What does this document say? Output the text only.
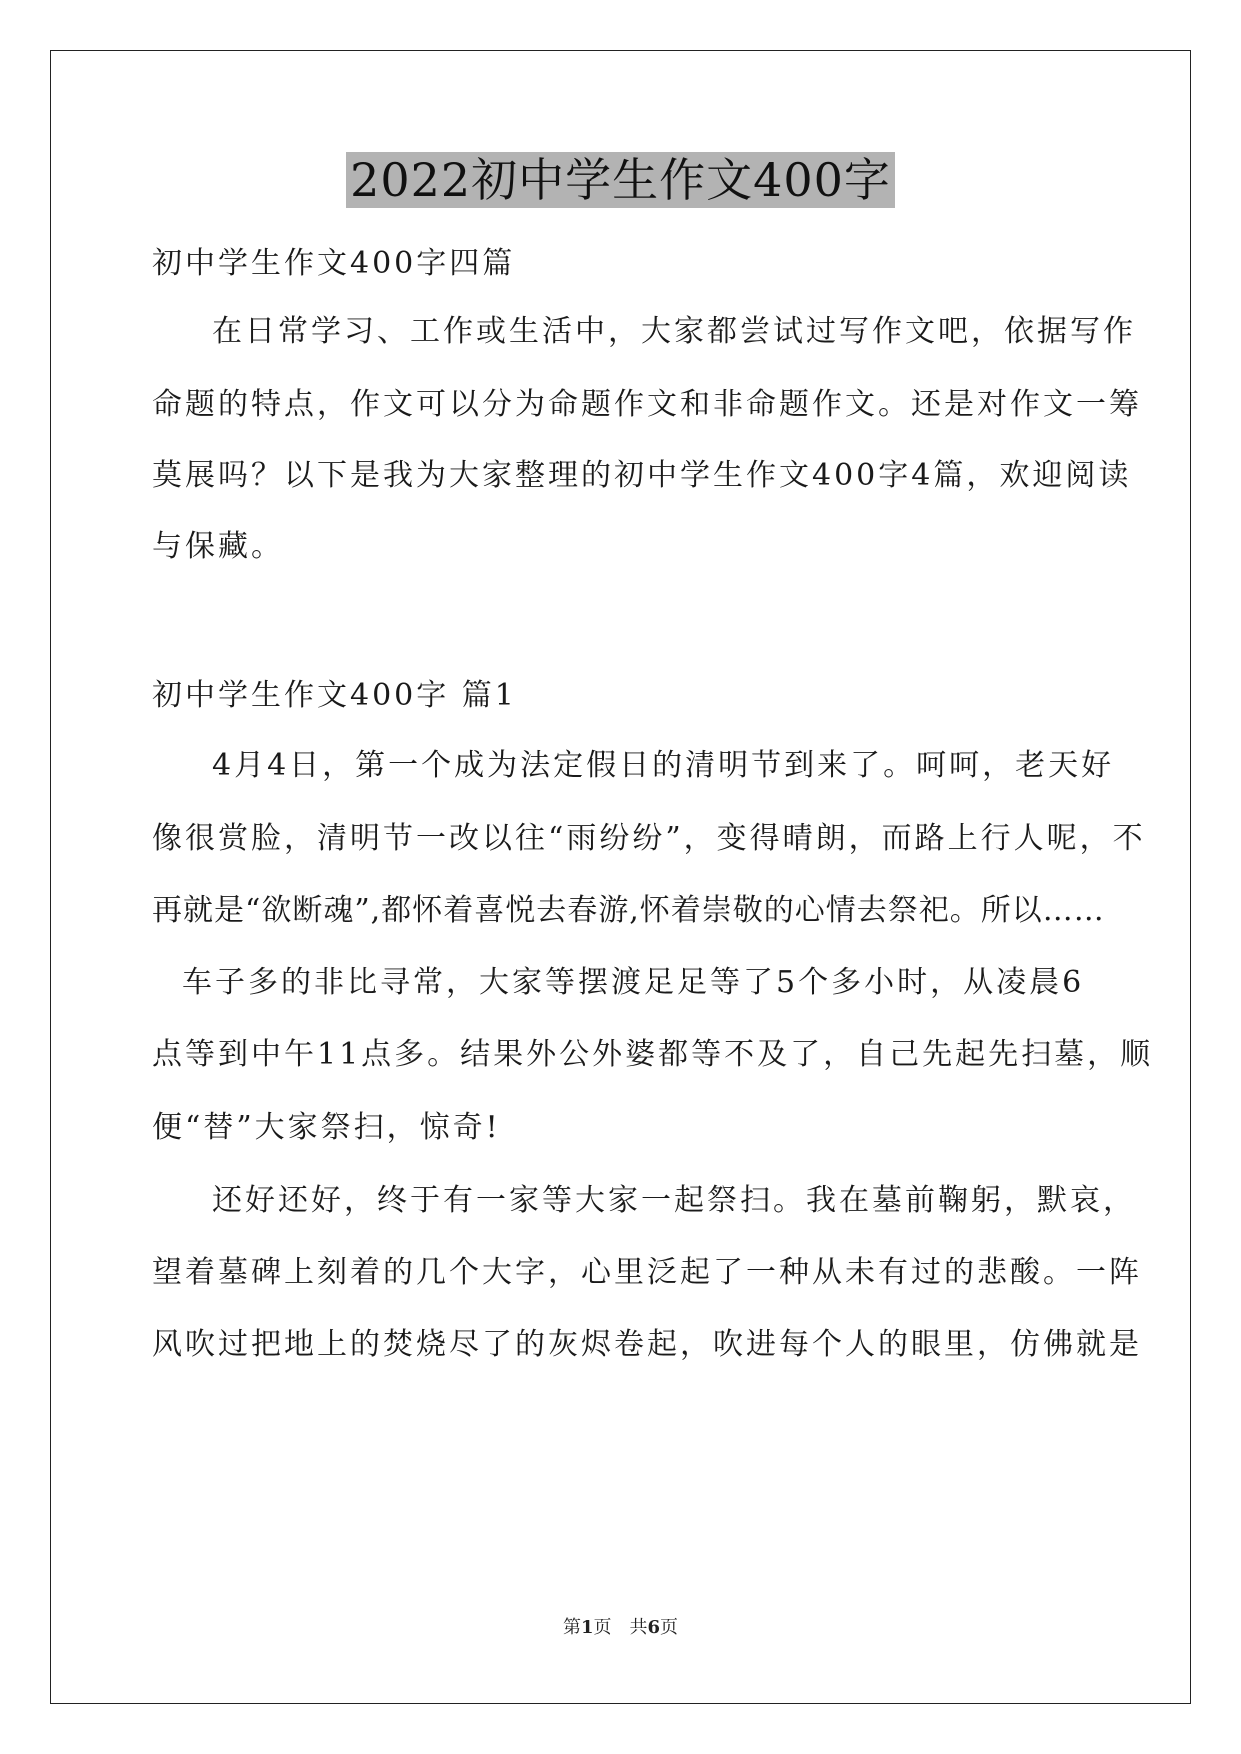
2022初中学生作文400字
初中学生作文400字四篇
在日常学习、工作或生活中，大家都尝试过写作文吧，依据写作
命题的特点，作文可以分为命题作文和非命题作文。还是对作文一筹
莫展吗？以下是我为大家整理的初中学生作文400字4篇，欢迎阅读
与保藏。
初中学生作文400字 篇1
4月4日，第一个成为法定假日的清明节到来了。呵呵，老天好
像很赏脸，清明节一改以往“雨纷纷”，变得晴朗，而路上行人呢，不
再就是“欲断魂”,都怀着喜悦去春游,怀着崇敬的心情去祭祀。所以……
车子多的非比寻常，大家等摆渡足足等了5个多小时，从凌晨6
点等到中午11点多。结果外公外婆都等不及了，自己先起先扫墓，顺
便“替”大家祭扫，惊奇!
还好还好，终于有一家等大家一起祭扫。我在墓前鞠躬，默哀，
望着墓碑上刻着的几个大字，心里泛起了一种从未有过的悲酸。一阵
风吹过把地上的焚烧尽了的灰烬卷起，吹进每个人的眼里，仿佛就是
第1页　共6页
